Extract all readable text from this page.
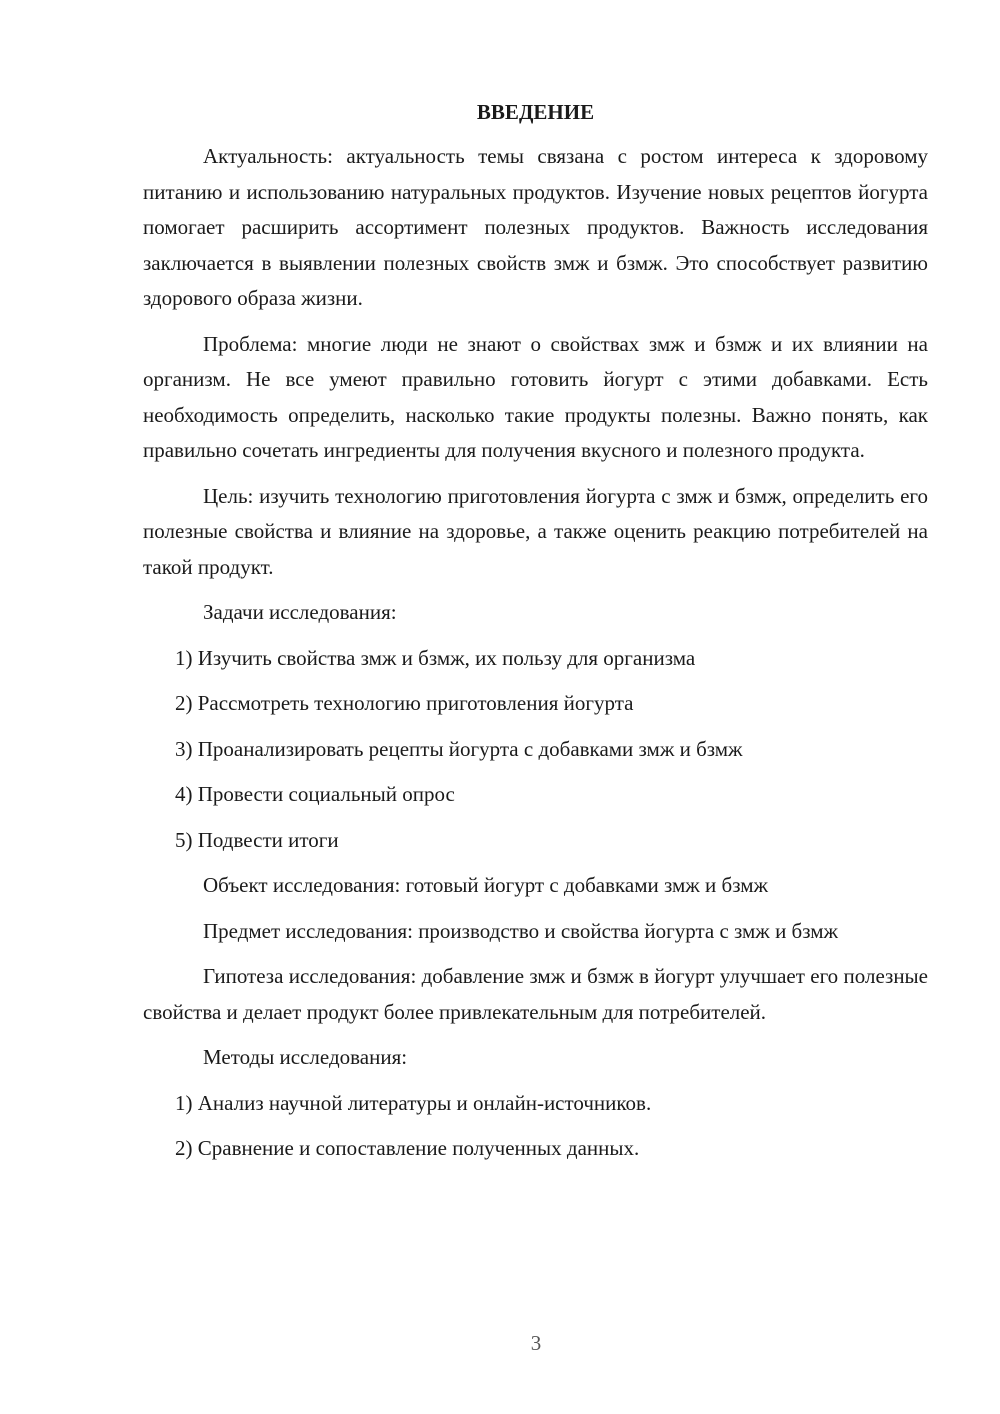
ВВЕДЕНИЕ

Актуальность: актуальность темы связана с ростом интереса к здоровому питанию и использованию натуральных продуктов. Изучение новых рецептов йогурта помогает расширить ассортимент полезных продуктов. Важность исследования заключается в выявлении полезных свойств змж и бзмж. Это способствует развитию здорового образа жизни.

Проблема: многие люди не знают о свойствах змж и бзмж и их влиянии на организм. Не все умеют правильно готовить йогурт с этими добавками. Есть необходимость определить, насколько такие продукты полезны. Важно понять, как правильно сочетать ингредиенты для получения вкусного и полезного продукта.

Цель: изучить технологию приготовления йогурта с змж и бзмж, определить его полезные свойства и влияние на здоровье, а также оценить реакцию потребителей на такой продукт.

Задачи исследования:

1) Изучить свойства змж и бзмж, их пользу для организма

2) Рассмотреть технологию приготовления йогурта

3) Проанализировать рецепты йогурта с добавками змж и бзмж

4) Провести социальный опрос

5) Подвести итоги

Объект исследования: готовый йогурт с добавками змж и бзмж

Предмет исследования: производство и свойства йогурта с змж и бзмж

Гипотеза исследования: добавление змж и бзмж в йогурт улучшает его полезные свойства и делает продукт более привлекательным для потребителей.

Методы исследования:

1) Анализ научной литературы и онлайн-источников.

2) Сравнение и сопоставление полученных данных.

3
